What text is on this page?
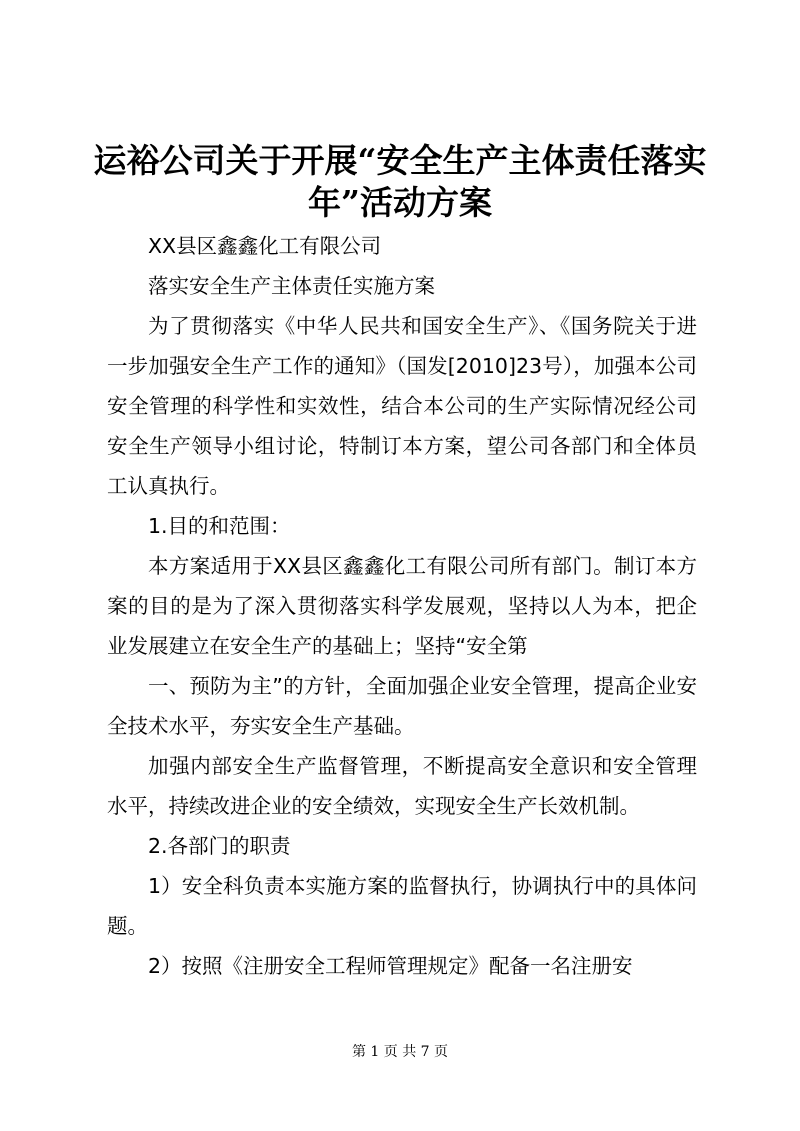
运裕公司关于开展“安全生产主体责任落实年”活动方案

XX县区鑫鑫化工有限公司

落实安全生产主体责任实施方案

为了贯彻落实《中华人民共和国安全生产》、《国务院关于进一步加强安全生产工作的通知》（国发[2010]23号），加强本公司安全管理的科学性和实效性，结合本公司的生产实际情况经公司安全生产领导小组讨论，特制订本方案，望公司各部门和全体员工认真执行。

1.目的和范围：

本方案适用于XX县区鑫鑫化工有限公司所有部门。制订本方案的目的是为了深入贯彻落实科学发展观，坚持以人为本，把企业发展建立在安全生产的基础上；坚持“安全第

一、预防为主”的方针，全面加强企业安全管理，提高企业安全技术水平，夯实安全生产基础。

加强内部安全生产监督管理，不断提高安全意识和安全管理水平，持续改进企业的安全绩效，实现安全生产长效机制。

2.各部门的职责

1）安全科负责本实施方案的监督执行，协调执行中的具体问题。

2）按照《注册安全工程师管理规定》配备一名注册安

第 1 页 共 7 页
